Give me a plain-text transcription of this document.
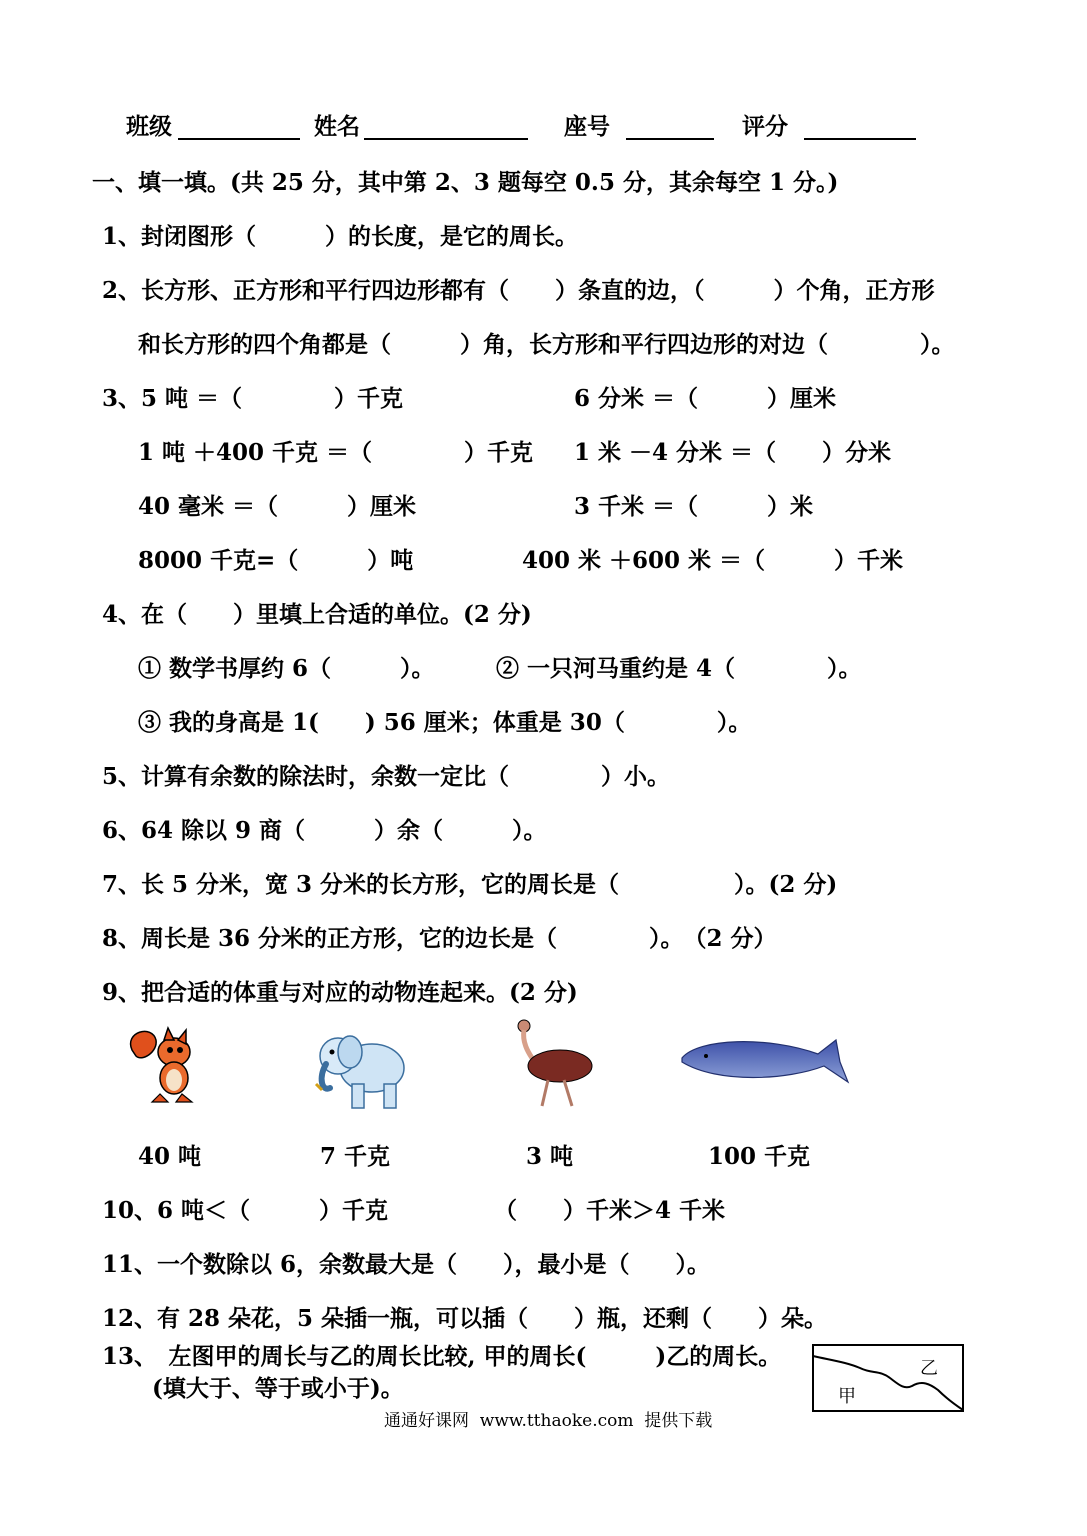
班级	姓名	座号	评分
一、填一填。(共 25 分，其中第 2、3 题每空 0.5 分，其余每空 1 分。)
1、封闭图形（　　　）的长度，是它的周长。
2、长方形、正方形和平行四边形都有（　　）条直的边，（　　　）个角，正方形
和长方形的四个角都是（　　　）角，长方形和平行四边形的对边（　　　　）。
3、5 吨 ＝（　　　　）千克	6 分米 ＝（　　　）厘米
1 吨 ＋400 千克 ＝（　　　　）千克 1 米 －4 分米 ＝（　　）分米
40 毫米 ＝（　　　）厘米	3 千米 ＝（　　　）米
8000 千克=（　　　）吨	400 米 ＋600 米 ＝（　　　）千米
4、在（　　）里填上合适的单位。(2 分)
① 数学书厚约 6（　　　）。	② 一只河马重约是 4（　　　　）。
③ 我的身高是 1(　　) 56 厘米；体重是 30（　　　　）。
5、计算有余数的除法时，余数一定比（　　　　）小。
6、64 除以 9 商（　　　）余（　　　）。
7、长 5 分米，宽 3 分米的长方形，它的周长是（　　　　　）。(2 分)
8、周长是 36 分米的正方形，它的边长是（　　　　）。　（2 分）
9、把合适的体重与对应的动物连起来。(2 分)
40 吨	7 千克	3 吨	100 千克
10、6 吨＜（　　　）千克	（　　）千米＞4 千米
11、一个数除以 6，余数最大是（　　），最小是（　　）。
12、有 28 朵花，5 朵插一瓶，可以插（　　）瓶，还剩（　　）朵。
13、　左图甲的周长与乙的周长比较, 甲的周长(　　　)乙的周长。
(填大于、等于或小于)。	甲
乙
通通好课网  www.tthaoke.com  提供下载
